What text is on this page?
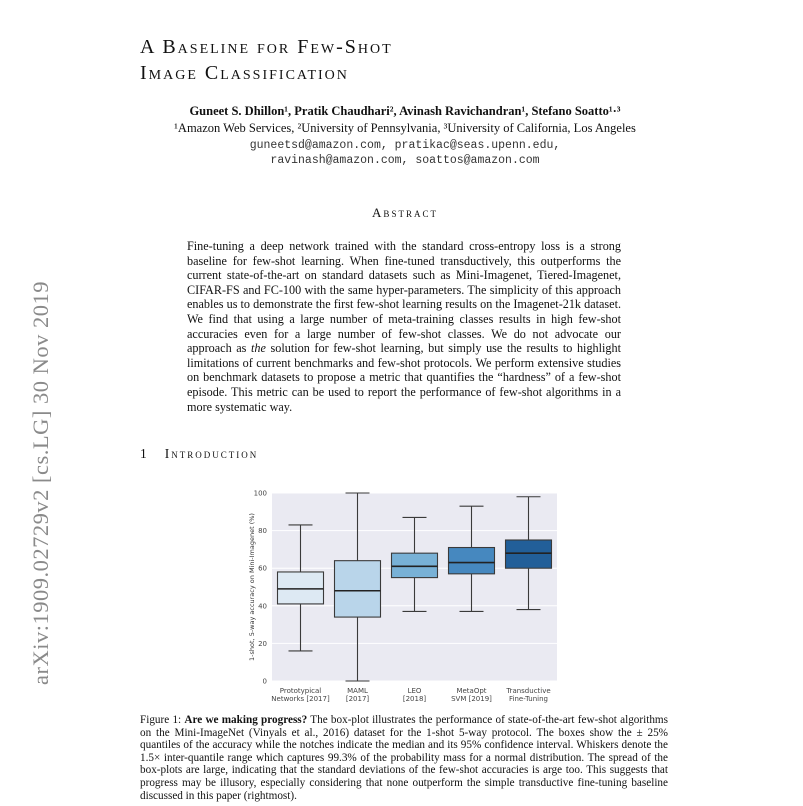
A Baseline for Few-Shot
Image Classification
Guneet S. Dhillon¹, Pratik Chaudhari², Avinash Ravichandran¹, Stefano Soatto¹·³
¹Amazon Web Services, ²University of Pennsylvania, ³University of California, Los Angeles
guneetsd@amazon.com, pratikac@seas.upenn.edu,
ravinash@amazon.com, soattos@amazon.com
Abstract
Fine-tuning a deep network trained with the standard cross-entropy loss is a strong baseline for few-shot learning. When fine-tuned transductively, this outperforms the current state-of-the-art on standard datasets such as Mini-Imagenet, Tiered-Imagenet, CIFAR-FS and FC-100 with the same hyper-parameters. The simplicity of this approach enables us to demonstrate the first few-shot learning results on the Imagenet-21k dataset. We find that using a large number of meta-training classes results in high few-shot accuracies even for a large number of few-shot classes. We do not advocate our approach as the solution for few-shot learning, but simply use the results to highlight limitations of current benchmarks and few-shot protocols. We perform extensive studies on benchmark datasets to propose a metric that quantifies the “hardness” of a few-shot episode. This metric can be used to report the performance of few-shot algorithms in a more systematic way.
1 Introduction
arXiv:1909.02729v2 [cs.LG] 30 Nov 2019	0
20
40
60
80
100
Prototypical
Networks [2017]
MAML
[2017]
LEO
[2018]
MetaOpt
SVM [2019]
Transductive
Fine-Tuning
1-shot, 5-way accuracy on Mini-Imagenet (%)
Figure 1: Are we making progress? The box-plot illustrates the performance of state-of-the-art few-shot algorithms on the Mini-ImageNet (Vinyals et al., 2016) dataset for the 1-shot 5-way protocol. The boxes show the ± 25% quantiles of the accuracy while the notches indicate the median and its 95% confidence interval. Whiskers denote the 1.5× inter-quantile range which captures 99.3% of the probability mass for a normal distribution. The spread of the box-plots are large, indicating that the standard deviations of the few-shot accuracies is arge too. This suggests that progress may be illusory, especially considering that none outperform the simple transductive fine-tuning baseline discussed in this paper (rightmost).
